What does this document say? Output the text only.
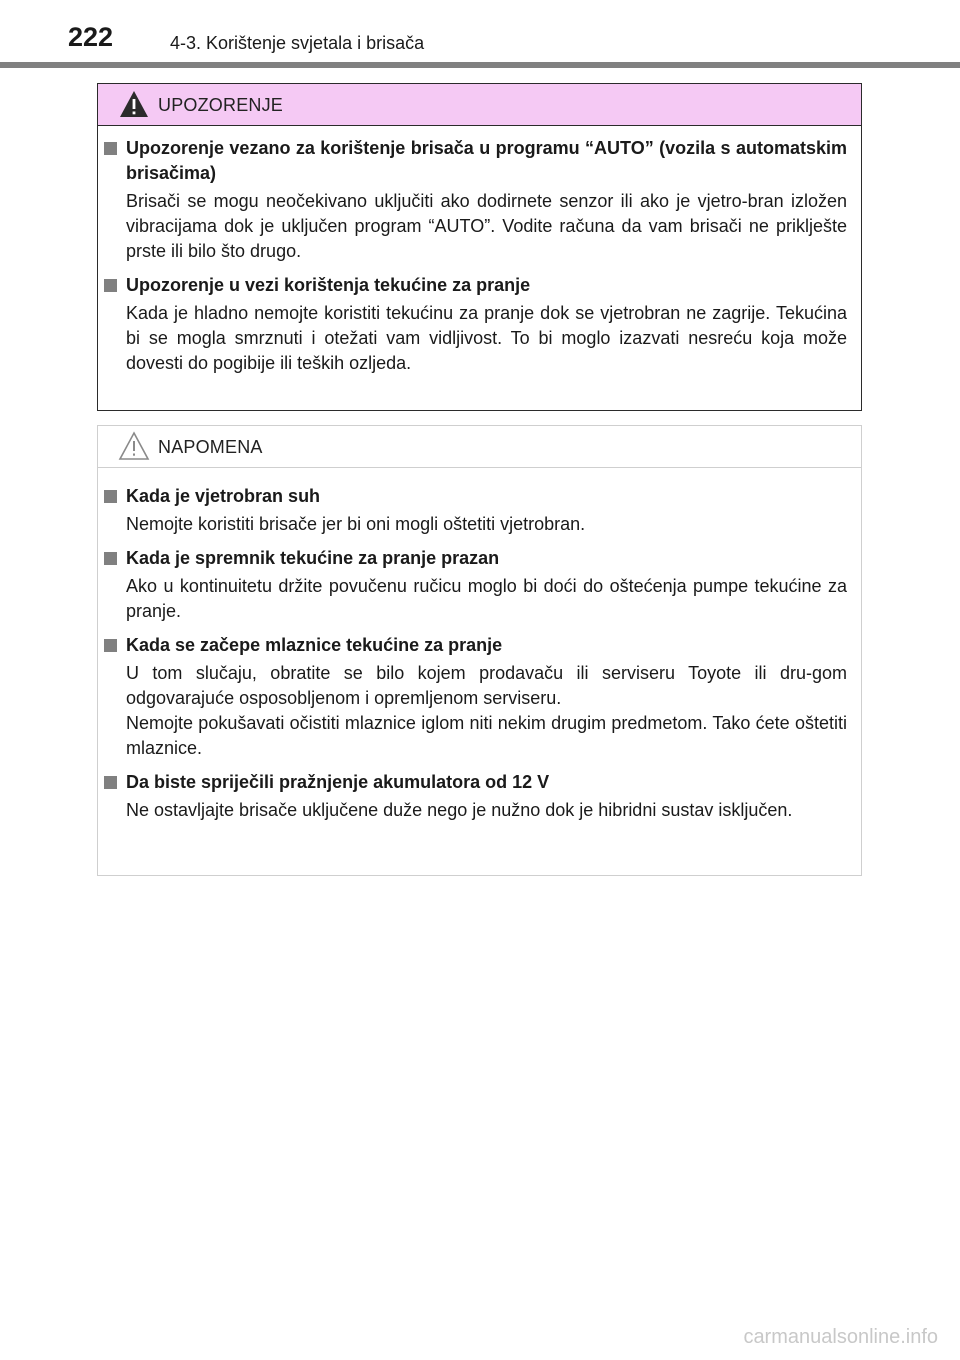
222	4-3. Korištenje svjetala i brisača
UPOZORENJE
Upozorenje vezano za korištenje brisača u programu “AUTO” (vozila s automatskim brisačima)
Brisači se mogu neočekivano uključiti ako dodirnete senzor ili ako je vjetro-bran izložen vibracijama dok je uključen program “AUTO”. Vodite računa da vam brisači ne priklješte prste ili bilo što drugo.
Upozorenje u vezi korištenja tekućine za pranje
Kada je hladno nemojte koristiti tekućinu za pranje dok se vjetrobran ne zagrije. Tekućina bi se mogla smrznuti i otežati vam vidljivost. To bi moglo izazvati nesreću koja može dovesti do pogibije ili teških ozljeda.
NAPOMENA
Kada je vjetrobran suh
Nemojte koristiti brisače jer bi oni mogli oštetiti vjetrobran.
Kada je spremnik tekućine za pranje prazan
Ako u kontinuitetu držite povučenu ručicu moglo bi doći do oštećenja pumpe tekućine za pranje.
Kada se začepe mlaznice tekućine za pranje
U tom slučaju, obratite se bilo kojem prodavaču ili serviseru Toyote ili dru-gom odgovarajuće osposobljenom i opremljenom serviseru.
Nemojte pokušavati očistiti mlaznice iglom niti nekim drugim predmetom. Tako ćete oštetiti mlaznice.
Da biste spriječili pražnjenje akumulatora od 12 V
Ne ostavljajte brisače uključene duže nego je nužno dok je hibridni sustav isključen.
carmanualsonline.info
